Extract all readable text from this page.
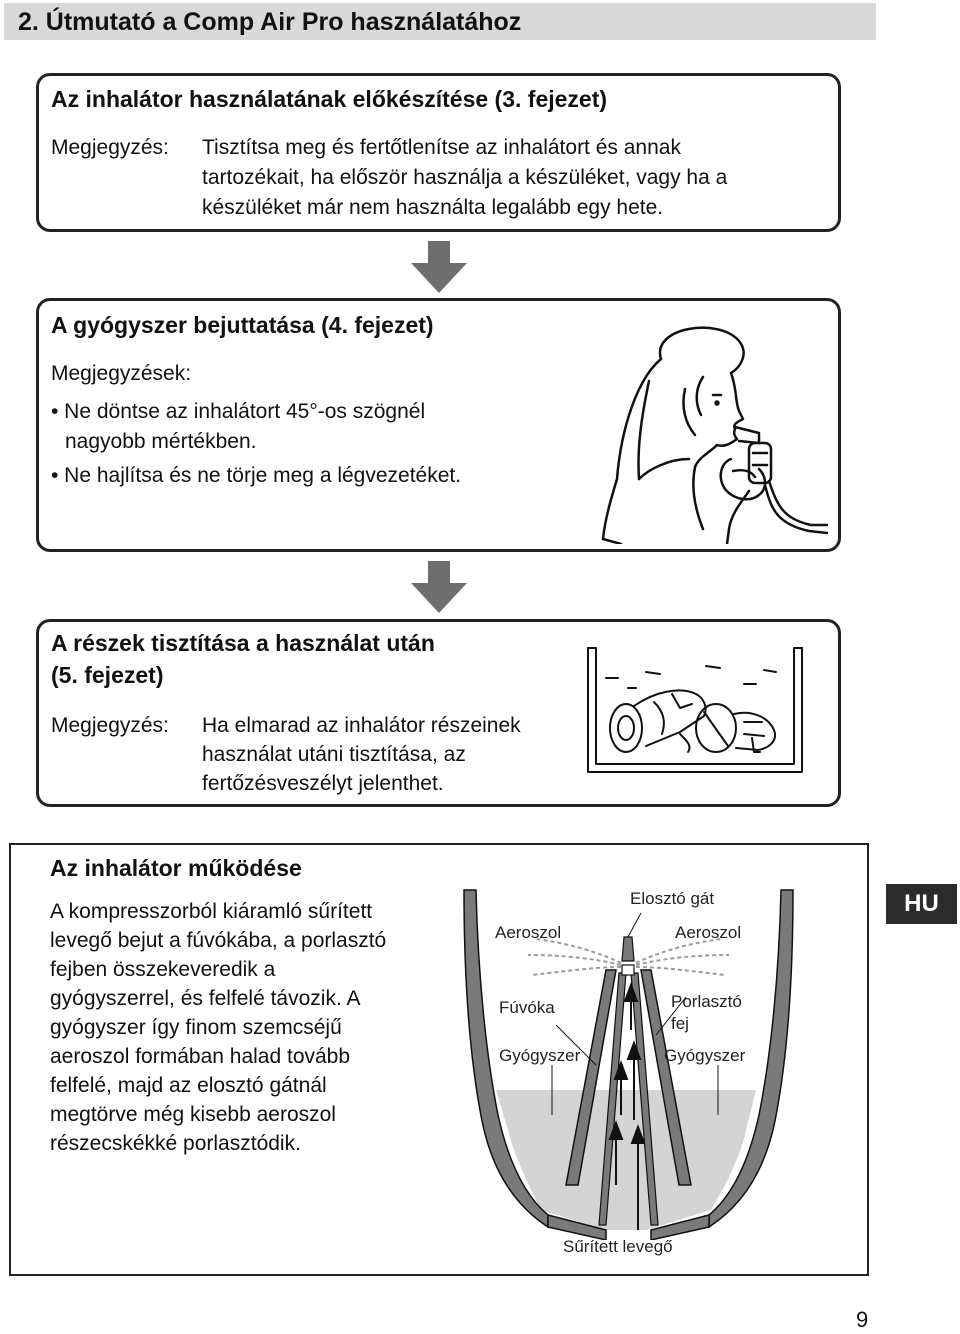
2. Útmutató a Comp Air Pro használatához
Az inhalátor használatának előkészítése (3. fejezet)
Megjegyzés: Tisztítsa meg és fertőtlenítse az inhalátort és annak
tartozékait, ha először használja a készüléket, vagy ha a
készüléket már nem használta legalább egy hete.
A gyógyszer bejuttatása (4. fejezet)
Megjegyzések:
• Ne döntse az inhalátort 45°-os szögnél
nagyobb mértékben.
• Ne hajlítsa és ne törje meg a légvezetéket.
A részek tisztítása a használat után
(5. fejezet)
Megjegyzés: Ha elmarad az inhalátor részeinek
használat utáni tisztítása, az
fertőzésveszélyt jelenthet.
Az inhalátor működése
A kompresszorból kiáramló sűrített
levegő bejut a fúvókába, a porlasztó
fejben összekeveredik a
gyógyszerrel, és felfelé távozik. A
gyógyszer így finom szemcséjű
aeroszol formában halad tovább
felfelé, majd az elosztó gátnál
megtörve még kisebb aeroszol
részecskékké porlasztódik.
Elosztó gát
Aeroszol	Aeroszol
Fúvóka	Porlasztó
fej
Gyógyszer	Gyógyszer
Sűrített levegő
HU
9
